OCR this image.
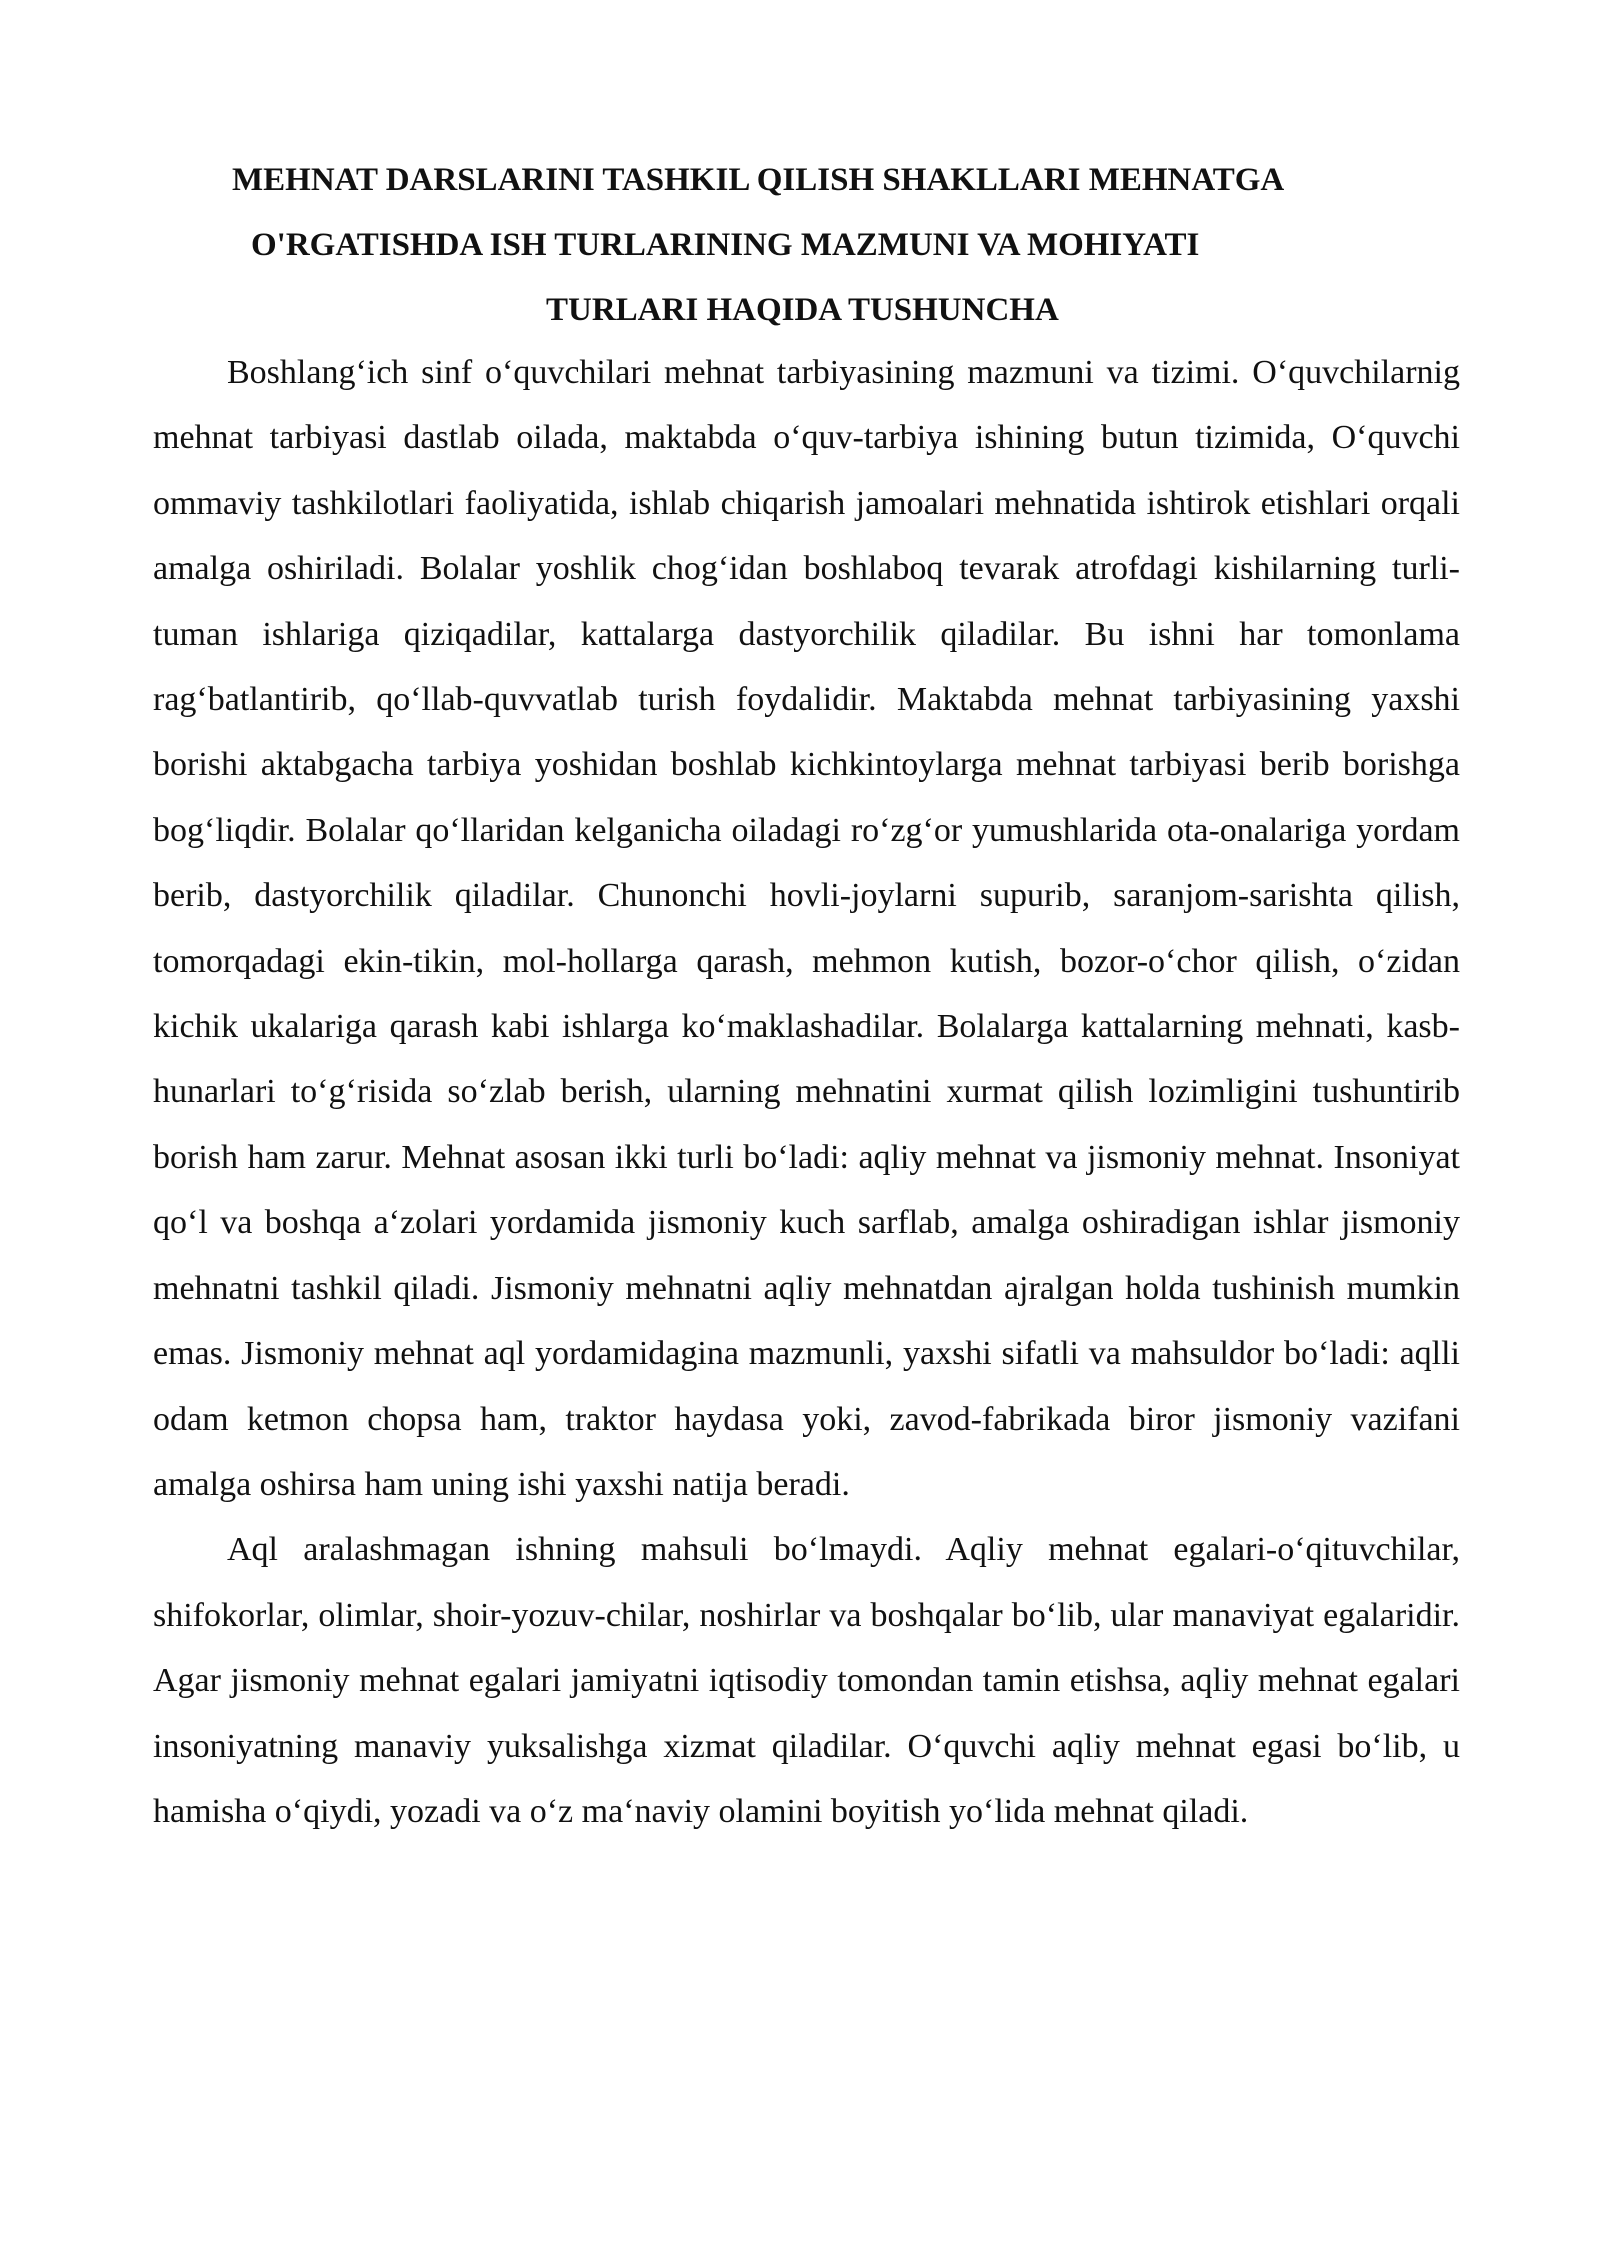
MEHNAT DARSLARINI TASHKIL QILISH SHAKLLARI MEHNATGA
O'RGATISHDA ISH TURLARINING MAZMUNI VA MOHIYATI
TURLARI HAQIDA TUSHUNCHA

Boshlang‘ich sinf o‘quvchilari mehnat tarbiyasining mazmuni va tizimi. O‘quvchilarnig mehnat tarbiyasi dastlab oilada, maktabda o‘quv-tarbiya ishining butun tizimida, O‘quvchi ommaviy tashkilotlari faoliyatida, ishlab chiqarish jamoalari mehnatida ishtirok etishlari orqali amalga oshiriladi. Bolalar yoshlik chog‘idan boshlaboq tevarak atrofdagi kishilarning turli-tuman ishlariga qiziqadilar, kattalarga dastyorchilik qiladilar. Bu ishni har tomonlama rag‘batlantirib, qo‘llab-quvvatlab turish foydalidir. Maktabda mehnat tarbiyasining yaxshi borishi aktabgacha tarbiya yoshidan boshlab kichkintoylarga mehnat tarbiyasi berib borishga bog‘liqdir. Bolalar qo‘llaridan kelganicha oiladagi ro‘zg‘or yumushlarida ota-onalariga yordam berib, dastyorchilik qiladilar. Chunonchi hovli-joylarni supurib, saranjom-sarishta qilish, tomorqadagi ekin-tikin, mol-hollarga qarash, mehmon kutish, bozor-o‘chor qilish, o‘zidan kichik ukalariga qarash kabi ishlarga ko‘maklashadilar. Bolalarga kattalarning mehnati, kasb-hunarlari to‘g‘risida so‘zlab berish, ularning mehnatini xurmat qilish lozimligini tushuntirib borish ham zarur. Mehnat asosan ikki turli bo‘ladi: aqliy mehnat va jismoniy mehnat. Insoniyat qo‘l va boshqa a‘zolari yordamida jismoniy kuch sarflab, amalga oshiradigan ishlar jismoniy mehnatni tashkil qiladi. Jismoniy mehnatni aqliy mehnatdan ajralgan holda tushinish mumkin emas. Jismoniy mehnat aql yordamidagina mazmunli, yaxshi sifatli va mahsuldor bo‘ladi: aqlli odam ketmon chopsa ham, traktor haydasa yoki, zavod-fabrikada biror jismoniy vazifani amalga oshirsa ham uning ishi yaxshi natija beradi.

Aql aralashmagan ishning mahsuli bo‘lmaydi. Aqliy mehnat egalari-o‘qituvchilar, shifokorlar, olimlar, shoir-yozuv-chilar, noshirlar va boshqalar bo‘lib, ular manaviyat egalaridir. Agar jismoniy mehnat egalari jamiyatni iqtisodiy tomondan tamin etishsa, aqliy mehnat egalari insoniyatning manaviy yuksalishga xizmat qiladilar. O‘quvchi aqliy mehnat egasi bo‘lib, u hamisha o‘qiydi, yozadi va o‘z ma‘naviy olamini boyitish yo‘lida mehnat qiladi.
